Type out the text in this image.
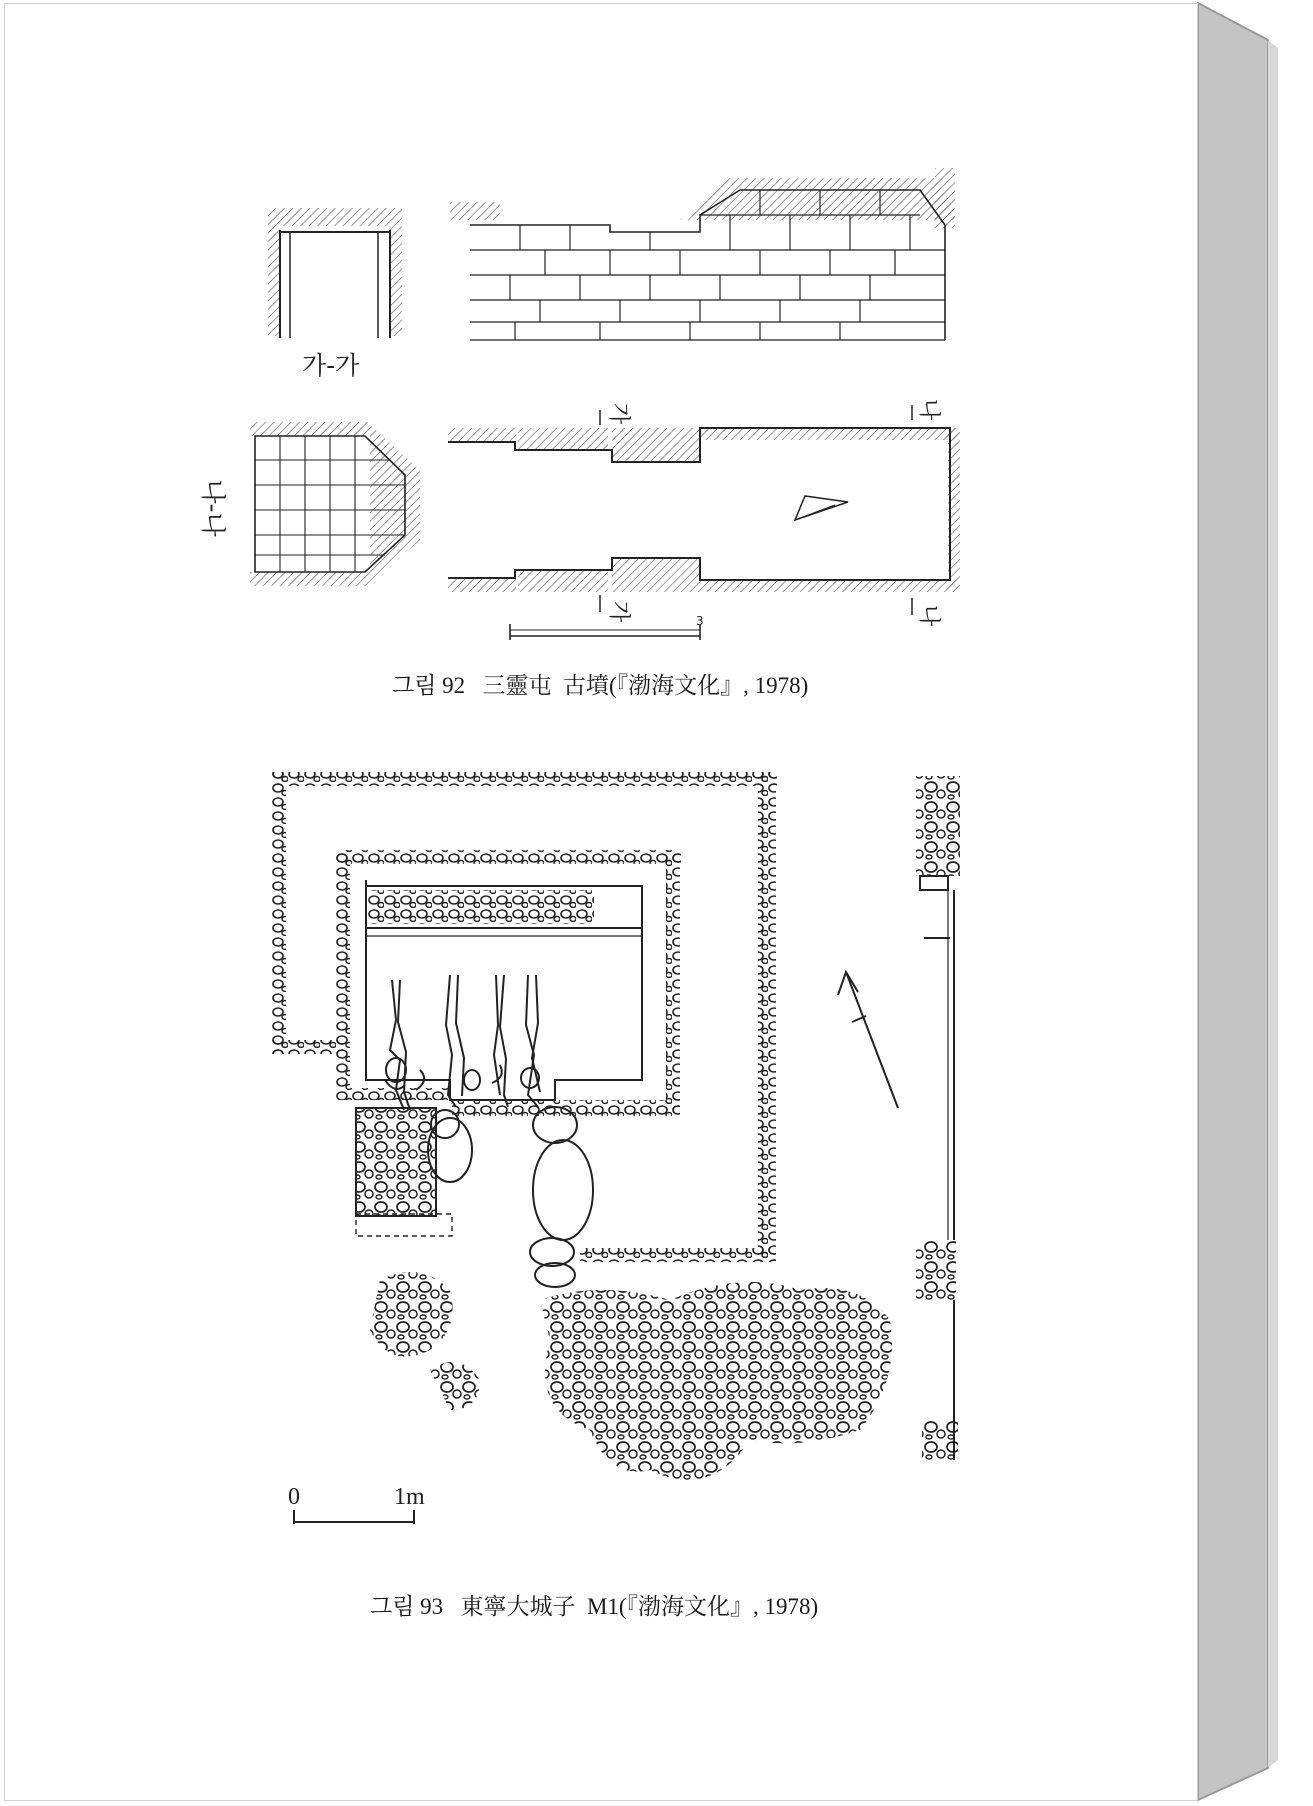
가-가
나-나
가
가
나
나
3
그림 92 三靈屯  古墳(『渤海文化』, 1978)
0	1m
그림 93 東寧大城子  M1(『渤海文化』, 1978)
